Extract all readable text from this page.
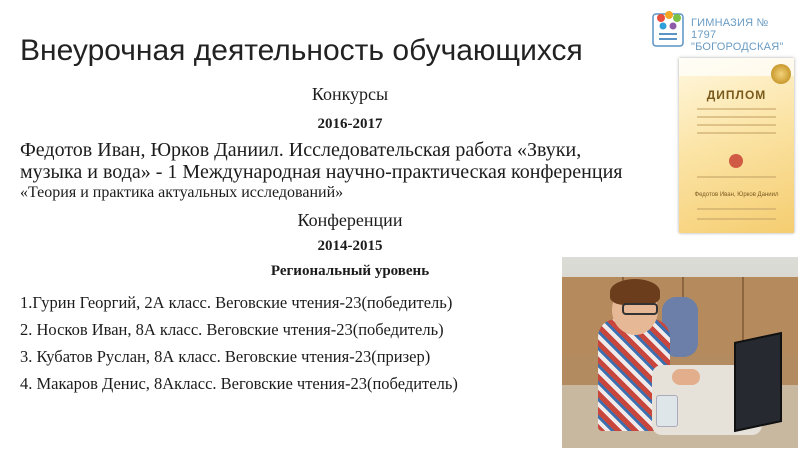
Внеурочная деятельность обучающихся
ГИМНАЗИЯ № 1797
"БОГОРОДСКАЯ"
Конкурсы
2016-2017
Федотов Иван, Юрков Даниил. Исследовательская работа «Звуки,
музыка и вода» - 1 Международная научно-практическая конференция
«Теория и практика актуальных исследований»
Конференции
2014-2015
Региональный уровень
1.Гурин Георгий, 2А класс. Веговские чтения-23(победитель)
2. Носков Иван, 8А класс. Веговские чтения-23(победитель)
3. Кубатов Руслан, 8А класс. Веговские чтения-23(призер)
4. Макаров Денис, 8Акласс. Веговские чтения-23(победитель)
ДИПЛОМ
Федотов Иван, Юрков Даниил
